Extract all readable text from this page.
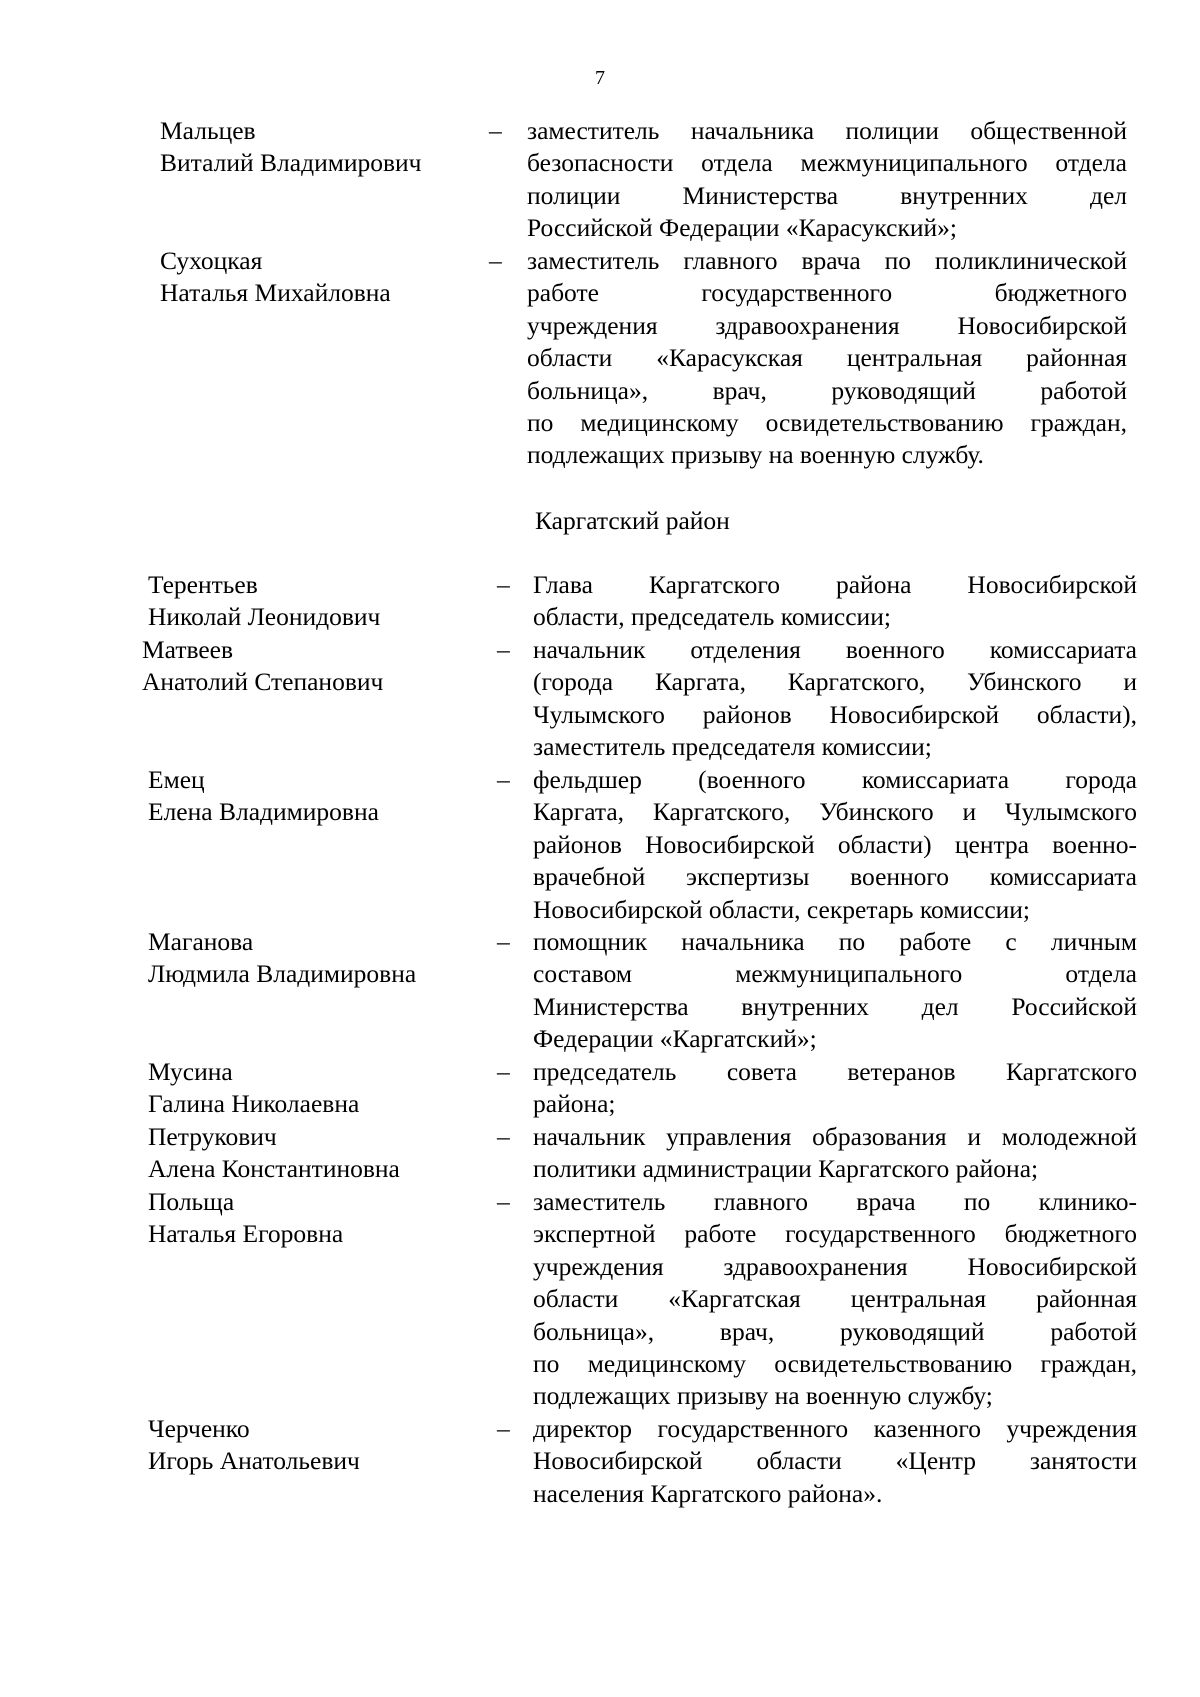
7
Мальцев
Виталий Владимирович
– заместитель начальника полиции общественной
безопасности отдела межмуниципального отдела
полиции Министерства внутренних дел
Российской Федерации «Карасукский»;
Сухоцкая
Наталья Михайловна
– заместитель главного врача по поликлинической
работе государственного бюджетного
учреждения здравоохранения Новосибирской
области «Карасукская центральная районная
больница», врач, руководящий работой
по медицинскому освидетельствованию граждан,
подлежащих призыву на военную службу.
Каргатский район
Терентьев
Николай Леонидович
– Глава Каргатского района Новосибирской
области, председатель комиссии;
Матвеев
Анатолий Степанович
– начальник отделения военного комиссариата
(города Каргата, Каргатского, Убинского и
Чулымского районов Новосибирской области),
заместитель председателя комиссии;
Емец
Елена Владимировна
– фельдшер (военного комиссариата города
Каргата, Каргатского, Убинского и Чулымского
районов Новосибирской области) центра военно-
врачебной экспертизы военного комиссариата
Новосибирской области, секретарь комиссии;
Маганова
Людмила Владимировна
– помощник начальника по работе с личным
составом межмуниципального отдела
Министерства внутренних дел Российской
Федерации «Каргатский»;
Мусина
Галина Николаевна
– председатель совета ветеранов Каргатского
района;
Петрукович
Алена Константиновна
– начальник управления образования и молодежной
политики администрации Каргатского района;
Польща
Наталья Егоровна
– заместитель главного врача по клинико-
экспертной работе государственного бюджетного
учреждения здравоохранения Новосибирской
области «Каргатская центральная районная
больница», врач, руководящий работой
по медицинскому освидетельствованию граждан,
подлежащих призыву на военную службу;
Черченко
Игорь Анатольевич
– директор государственного казенного учреждения
Новосибирской области «Центр занятости
населения Каргатского района».
